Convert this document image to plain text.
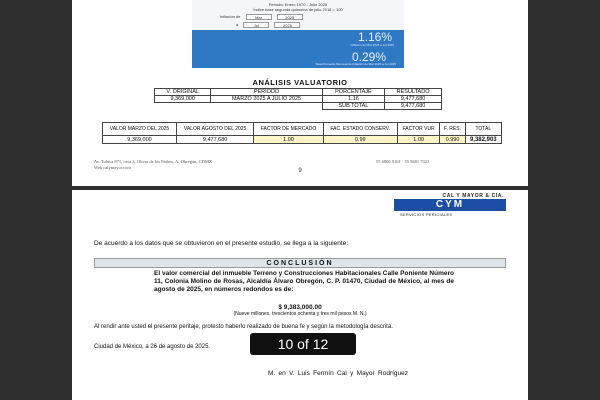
Periodo: Enero 1970 - Julio 2025
Índice base segunda quincena de julio 2018 = 100
Inflación de	Mar	2025
a	Jul	2025
1.16%
Inflación de Mar 2025 a Jul 2025
0.29%
Tasa Promedio Mensual de Inflación de Mar 2025 a Jul 2025
ANÁLISIS VALUATORIO
V. ORIGINAL	PERIODO	PORCENTAJE	RESULTADO
9,369,000	MARZO 2025 A JULIO 2025	1.16	9,477,680
		SUB TOTAL	9,477,680
VALOR MARZO DEL 2025	VALOR AGOSTO DEL 2025	FACTOR DE MERCADO	FAC. ESTADO CONSERV.	FACTOR VUR	F. RES.	TOTAL
9,369,000	9,477,680	1.00	0.99	1.00	0.990	9,382,903
Av. Toluca 871, casa 3, Olivar de los Padres, A. Obregón, CDMX	55 6806 9161 · 55 5681 7023
Web calymayor.com
9
CAL Y MAYOR & CIA.
CYM
SERVICIOS PERICIALES
De acuerdo a los datos que se obtuvieron en el presente estudio, se llega a la siguiente:
CONCLUSIÓN
El valor comercial del inmueble Terreno y Construcciones Habitacionales Calle Poniente Número 11, Colonia Molino de Rosas, Alcaldía Álvaro Obregón, C. P. 01470, Ciudad de México, al mes de agosto de 2025, en números redondos es de:
$ 9,383,000.00
(Nueve millones, trescientos ochenta y tres mil pesos M. N.)
Al rendir ante usted el presente peritaje, protesto haberlo realizado de buena fe y según la metodología descrita.
Ciudad de México, a 26 de agosto de 2025.
M. en V. Luis Fermín Cal y Mayor Rodríguez
10 of 12
